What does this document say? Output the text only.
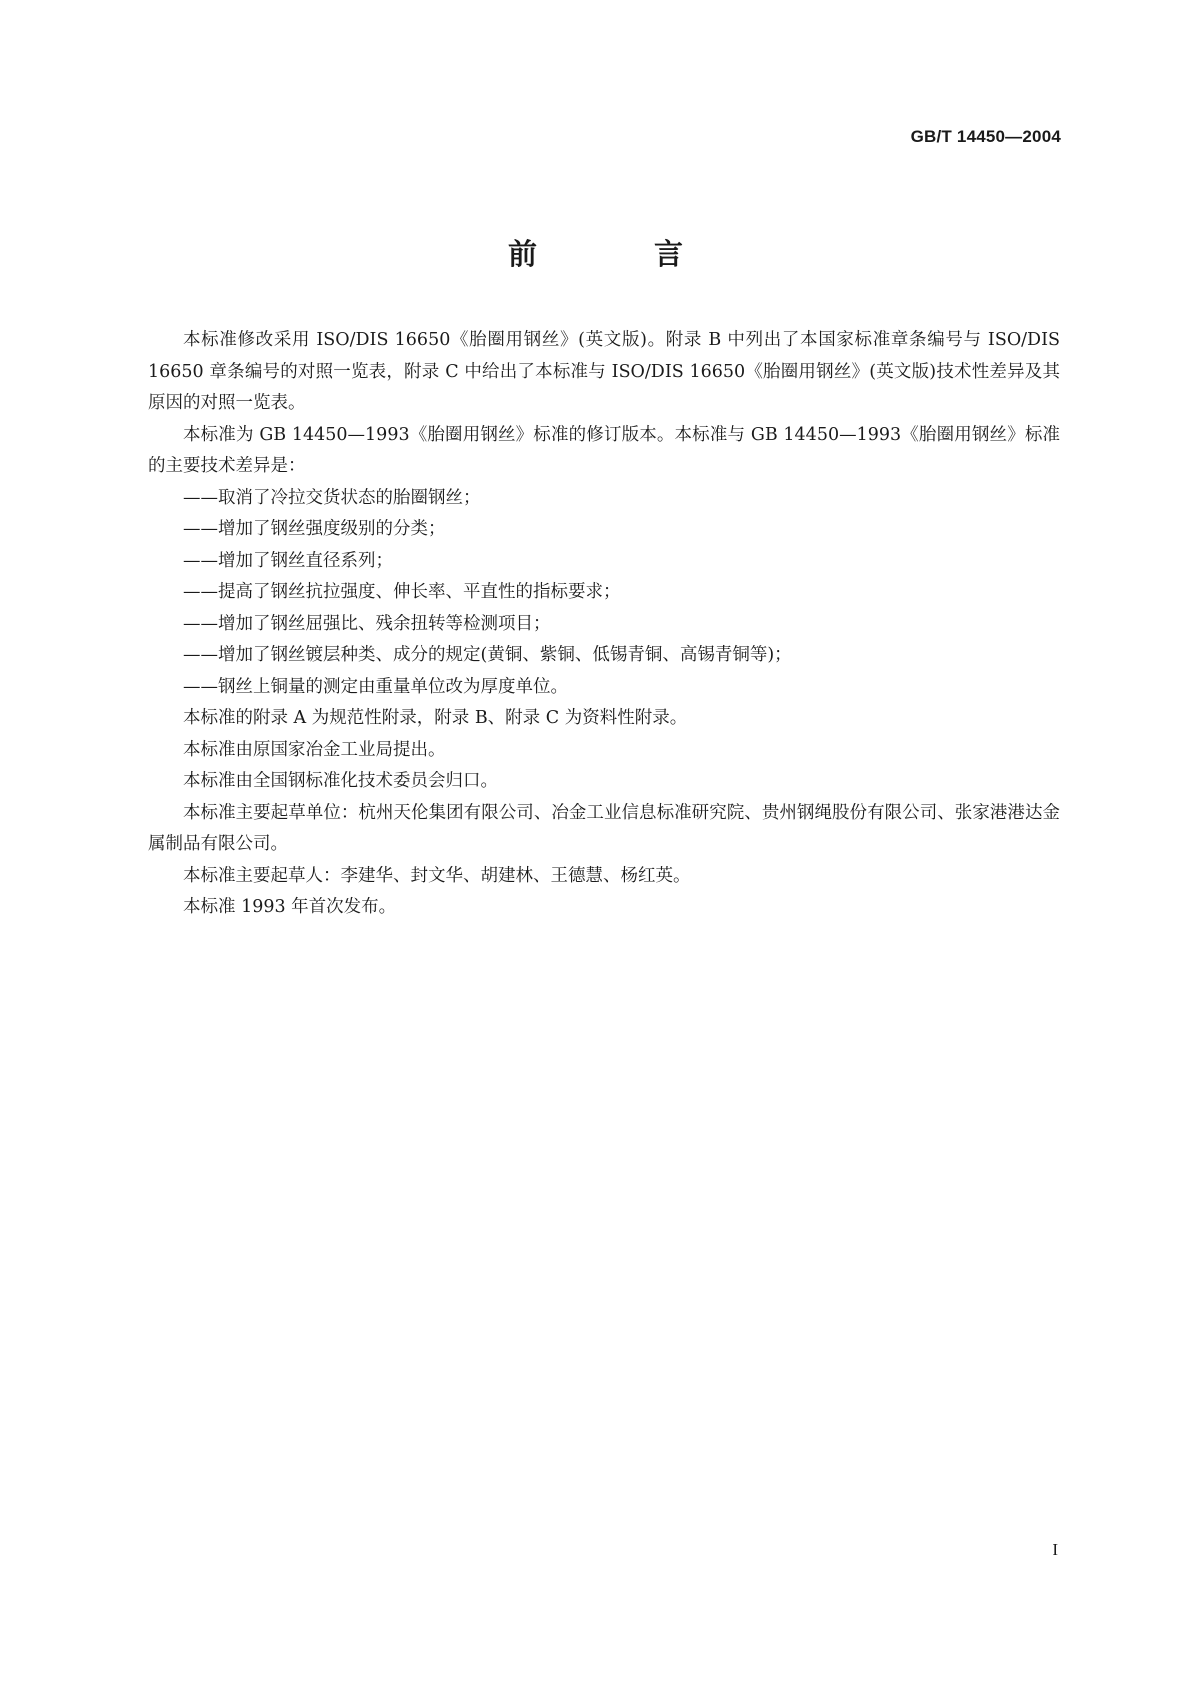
GB/T 14450—2004
前　言

本标准修改采用 ISO/DIS 16650《胎圈用钢丝》(英文版)。附录 B 中列出了本国家标准章条编号与 ISO/DIS 16650 章条编号的对照一览表，附录 C 中给出了本标准与 ISO/DIS 16650《胎圈用钢丝》(英文版)技术性差异及其原因的对照一览表。

本标准为 GB 14450—1993《胎圈用钢丝》标准的修订版本。本标准与 GB 14450—1993《胎圈用钢丝》标准的主要技术差异是：

——取消了冷拉交货状态的胎圈钢丝；

——增加了钢丝强度级别的分类；

——增加了钢丝直径系列；

——提高了钢丝抗拉强度、伸长率、平直性的指标要求；

——增加了钢丝屈强比、残余扭转等检测项目；

——增加了钢丝镀层种类、成分的规定(黄铜、紫铜、低锡青铜、高锡青铜等)；

——钢丝上铜量的测定由重量单位改为厚度单位。

本标准的附录 A 为规范性附录，附录 B、附录 C 为资料性附录。

本标准由原国家冶金工业局提出。

本标准由全国钢标准化技术委员会归口。

本标准主要起草单位：杭州天伦集团有限公司、冶金工业信息标准研究院、贵州钢绳股份有限公司、张家港港达金属制品有限公司。

本标准主要起草人：李建华、封文华、胡建林、王德慧、杨红英。

本标准 1993 年首次发布。

I
